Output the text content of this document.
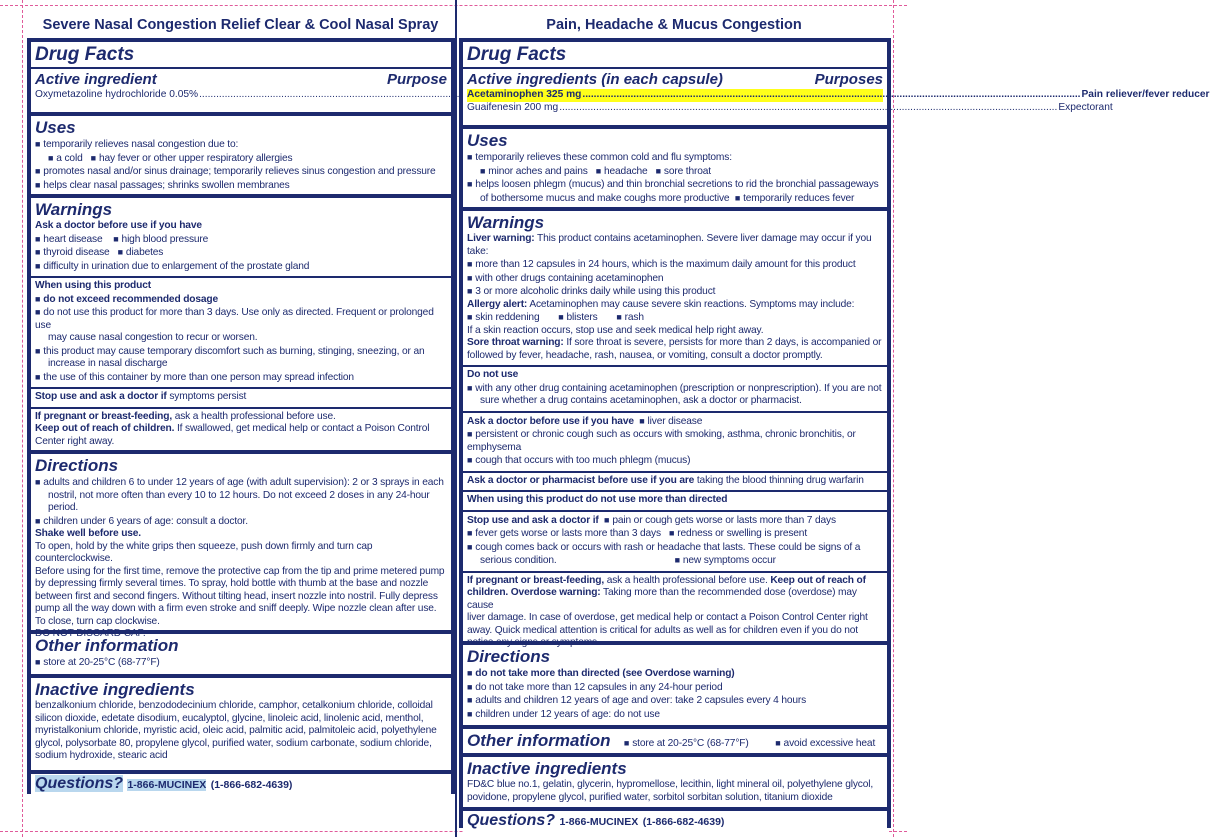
Severe Nasal Congestion Relief Clear & Cool Nasal Spray
Drug Facts
Active ingredient	Purpose
Oxymetazoline hydrochloride 0.05%
.....
Uses
■ temporarily relieves nasal congestion due to:
■ a cold ■ hay fever or other upper respiratory allergies
■ promotes nasal and/or sinus drainage; temporarily relieves sinus congestion and pressure
■ helps clear nasal passages; shrinks swollen membranes
Warnings
Ask a doctor before use if you have
■ heart disease ■ high blood pressure
■ thyroid disease ■ diabetes
■ difficulty in urination due to enlargement of the prostate gland
When using this product
■ do not exceed recommended dosage
■ do not use this product for more than 3 days. Use only as directed. Frequent or prolonged use
may cause nasal congestion to recur or worsen.
■ this product may cause temporary discomfort such as burning, stinging, sneezing, or an
increase in nasal discharge
■ the use of this container by more than one person may spread infection
Stop use and ask a doctor if symptoms persist
If pregnant or breast-feeding, ask a health professional before use.
Keep out of reach of children. If swallowed, get medical help or contact a Poison Control
Center right away.
Directions
■ adults and children 6 to under 12 years of age (with adult supervision): 2 or 3 sprays in each
nostril, not more often than every 10 to 12 hours. Do not exceed 2 doses in any 24-hour period.
■ children under 6 years of age: consult a doctor.
Shake well before use.
To open, hold by the white grips then squeeze, push down firmly and turn cap counterclockwise.
Before using for the first time, remove the protective cap from the tip and prime metered pump
by depressing firmly several times. To spray, hold bottle with thumb at the base and nozzle
between first and second fingers. Without tilting head, insert nozzle into nostril. Fully depress
pump all the way down with a firm even stroke and sniff deeply. Wipe nozzle clean after use.
To close, turn cap clockwise.
DO NOT DISCARD CAP.
Other information
■ store at 20-25°C (68-77°F)
Inactive ingredients
benzalkonium chloride, benzododecinium chloride, camphor, cetalkonium chloride, colloidal
silicon dioxide, edetate disodium, eucalyptol, glycine, linoleic acid, linolenic acid, menthol,
myristalkonium chloride, myristic acid, oleic acid, palmitic acid, palmitoleic acid, polyethylene
glycol, polysorbate 80, propylene glycol, purified water, sodium carbonate, sodium chloride,
sodium hydroxide, stearic acid
Questions? 1-866-MUCINEX (1-866-682-4639)
Pain, Headache & Mucus Congestion
Drug Facts
Active ingredients (in each capsule)	Purposes
Acetaminophen 325 mg .....	Pain reliever/fever reducer
Guaifenesin 200 mg .....	Expectorant
Uses
■ temporarily relieves these common cold and flu symptoms:
■ minor aches and pains ■ headache ■ sore throat
■ helps loosen phlegm (mucus) and thin bronchial secretions to rid the bronchial passageways
of bothersome mucus and make coughs more productive ■ temporarily reduces fever
Warnings
Liver warning: This product contains acetaminophen. Severe liver damage may occur if you take:
■ more than 12 capsules in 24 hours, which is the maximum daily amount for this product
■ with other drugs containing acetaminophen
■ 3 or more alcoholic drinks daily while using this product
Allergy alert: Acetaminophen may cause severe skin reactions. Symptoms may include:
■ skin reddening	■ blisters	■ rash
If a skin reaction occurs, stop use and seek medical help right away.
Sore throat warning: If sore throat is severe, persists for more than 2 days, is accompanied or
followed by fever, headache, rash, nausea, or vomiting, consult a doctor promptly.
Do not use
■ with any other drug containing acetaminophen (prescription or nonprescription). If you are not
sure whether a drug contains acetaminophen, ask a doctor or pharmacist.
Ask a doctor before use if you have ■ liver disease
■ persistent or chronic cough such as occurs with smoking, asthma, chronic bronchitis, or emphysema
■ cough that occurs with too much phlegm (mucus)
Ask a doctor or pharmacist before use if you are taking the blood thinning drug warfarin
When using this product do not use more than directed
Stop use and ask a doctor if ■ pain or cough gets worse or lasts more than 7 days
■ fever gets worse or lasts more than 3 days ■ redness or swelling is present
■ cough comes back or occurs with rash or headache that lasts. These could be signs of a
serious condition.	■ new symptoms occur
If pregnant or breast-feeding, ask a health professional before use. Keep out of reach of
children. Overdose warning: Taking more than the recommended dose (overdose) may cause
liver damage. In case of overdose, get medical help or contact a Poison Control Center right
away. Quick medical attention is critical for adults as well as for children even if you do not
notice any signs or symptoms.
Directions
■ do not take more than directed (see Overdose warning)
■ do not take more than 12 capsules in any 24-hour period
■ adults and children 12 years of age and over: take 2 capsules every 4 hours
■ children under 12 years of age: do not use
Other information ■ store at 20-25°C (68-77°F)	■ avoid excessive heat
Inactive ingredients
FD&C blue no.1, gelatin, glycerin, hypromellose, lecithin, light mineral oil, polyethylene glycol,
povidone, propylene glycol, purified water, sorbitol sorbitan solution, titanium dioxide
Questions? 1-866-MUCINEX (1-866-682-4639)
